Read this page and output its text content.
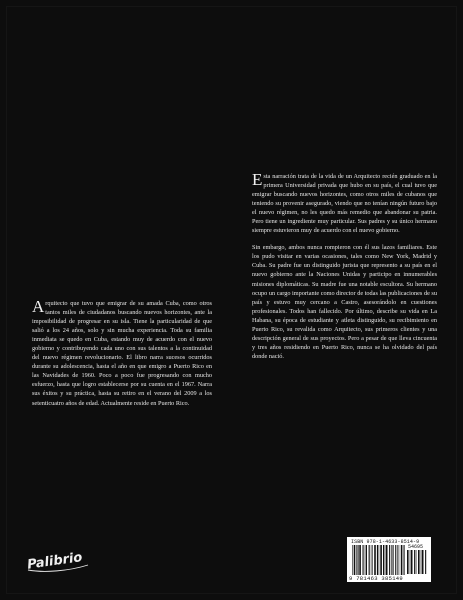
Esta narración trata de la vida de un Arquitecto recién graduado en la primera Universidad privada que hubo en su país, el cual tuvo que emigrar buscando nuevos horizontes, como otros miles de cubanos que teniendo su provenir asegurado, viendo que no tenían ningún futuro bajo el nuevo régimen, no les quedo más remedio que abandonar su patria. Pero tiene un ingrediente muy particular. Sus padres y su único hermano siempre estuvieron muy de acuerdo con el nuevo gobierno.

Sin embargo, ambos nunca rompieron con él sus lazos familiares. Este los pudo visitar en varias ocasiones, tales como New York, Madrid y Cuba. Su padre fue un distinguido jurista que represento a su país en el nuevo gobierno ante la Naciones Unidas y participo en innumerables misiones diplomáticas. Su madre fue una notable escultora. Su hermano ocupo un cargo importante como director de todas las publicaciones de su país y estuvo muy cercano a Castro, asesorándolo en cuestiones profesionales. Todos han fallecido. Por último, describe su vida en La Habana, su época de estudiante y atleta distinguido, su recibimiento en Puerto Rico, su revalida como Arquitecto, sus primeros clientes y una descripción general de sus proyectos. Pero a pesar de que lleva cincuenta y tres años residiendo en Puerto Rico, nunca se ha olvidado del país donde nació.

Arquitecto que tuvo que emigrar de su amada Cuba, como otros tantos miles de ciudadanos buscando nuevos horizontes, ante la imposibilidad de progresar en su isla. Tiene la particularidad de que salió a los 24 años, solo y sin mucha experiencia. Toda su familia inmediata se quedo en Cuba, estando muy de acuerdo con el nuevo gobierno y contribuyendo cada uno con sus talentos a la continuidad del nuevo régimen revolucionario. El libro narra sucesos ocurridos durante su adolescencia, hasta el año en que emigro a Puerto Rico en las Navidades de 1960. Poco a poco fue progresando con mucho esfuerzo, hasta que logro establecerse por su cuenta en el 1967. Narra sus éxitos y su práctica, hasta su retiro en el verano del 2009 a los setenticuatro años de edad. Actualmente reside en Puerto Rico.

Palibrio
ISBN 978-1-4633-8514-9
54695
9 781463 385149
